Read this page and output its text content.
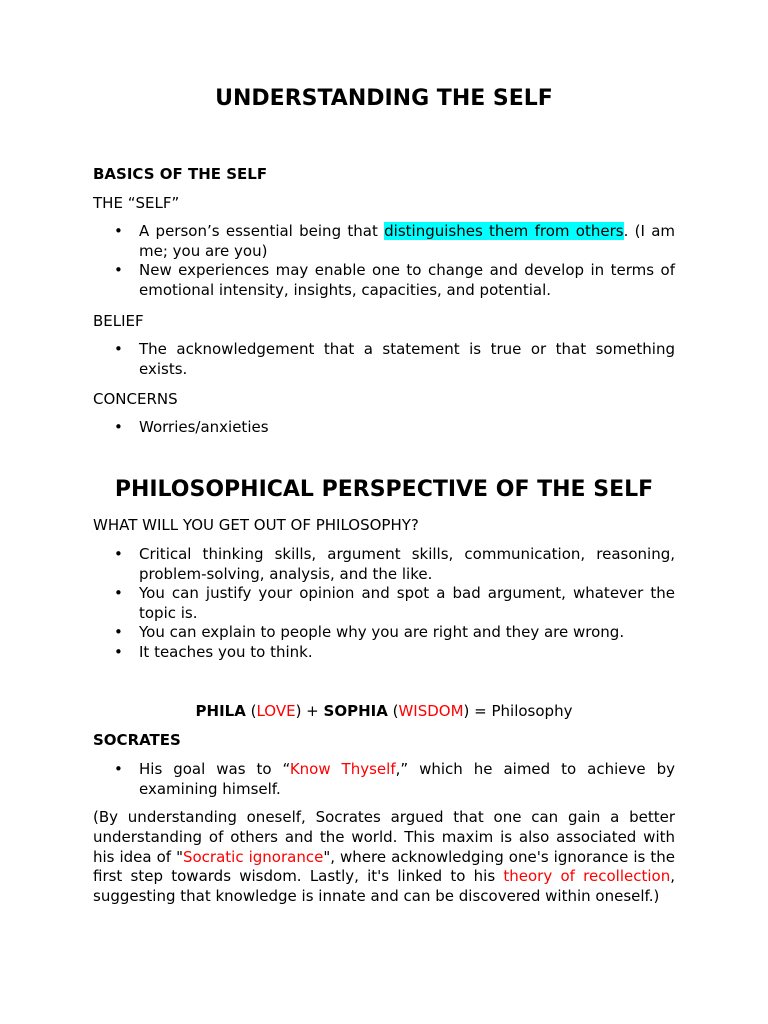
UNDERSTANDING THE SELF

BASICS OF THE SELF

THE “SELF”

• A person’s essential being that distinguishes them from others. (I am me; you are you)
• New experiences may enable one to change and develop in terms of emotional intensity, insights, capacities, and potential.

BELIEF

• The acknowledgement that a statement is true or that something exists.

CONCERNS

• Worries/anxieties
PHILOSOPHICAL PERSPECTIVE OF THE SELF

WHAT WILL YOU GET OUT OF PHILOSOPHY?

• Critical thinking skills, argument skills, communication, reasoning, problem-solving, analysis, and the like.
• You can justify your opinion and spot a bad argument, whatever the topic is.
• You can explain to people why you are right and they are wrong.
• It teaches you to think.

PHILA (LOVE) + SOPHIA (WISDOM) = Philosophy

SOCRATES

• His goal was to “Know Thyself,” which he aimed to achieve by examining himself.

(By understanding oneself, Socrates argued that one can gain a better understanding of others and the world. This maxim is also associated with his idea of "Socratic ignorance", where acknowledging one's ignorance is the first step towards wisdom. Lastly, it's linked to his theory of recollection, suggesting that knowledge is innate and can be discovered within oneself.)
